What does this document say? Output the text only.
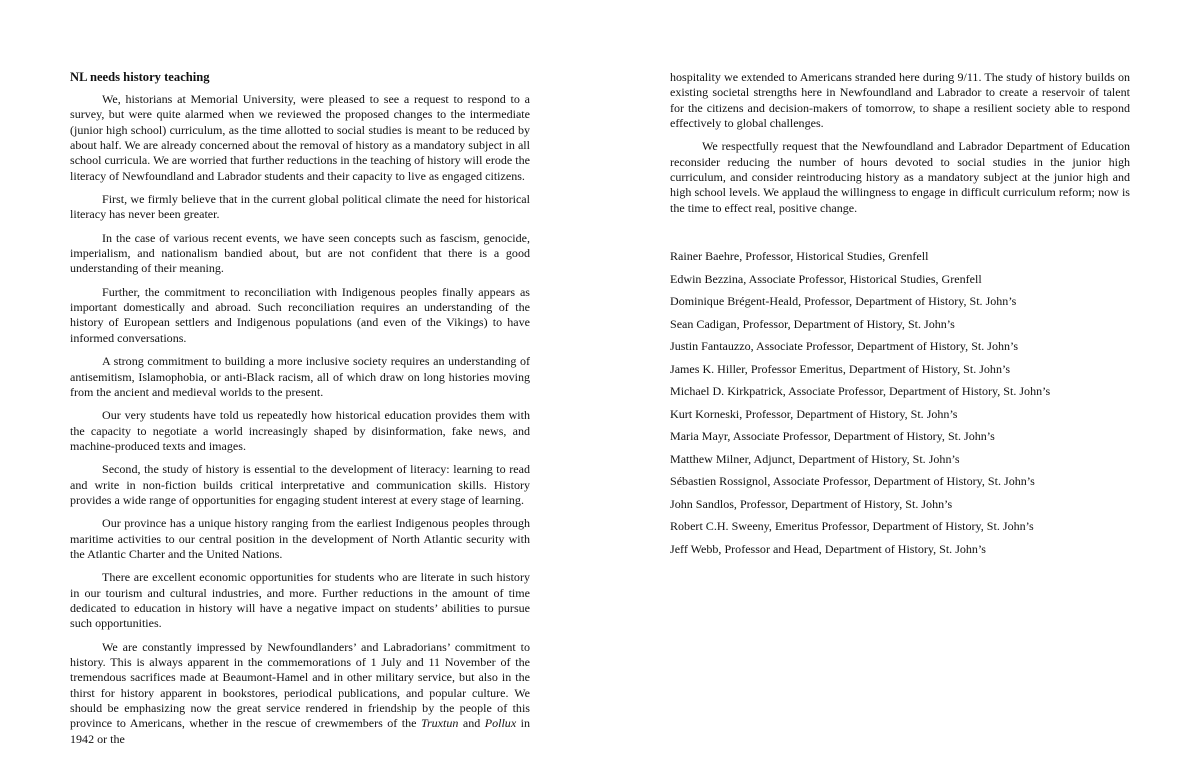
NL needs history teaching

We, historians at Memorial University, were pleased to see a request to respond to a survey, but were quite alarmed when we reviewed the proposed changes to the intermediate (junior high school) curriculum, as the time allotted to social studies is meant to be reduced by about half. We are already concerned about the removal of history as a mandatory subject in all school curricula. We are worried that further reductions in the teaching of history will erode the literacy of Newfoundland and Labrador students and their capacity to live as engaged citizens.

First, we firmly believe that in the current global political climate the need for historical literacy has never been greater.

In the case of various recent events, we have seen concepts such as fascism, genocide, imperialism, and nationalism bandied about, but are not confident that there is a good understanding of their meaning.

Further, the commitment to reconciliation with Indigenous peoples finally appears as important domestically and abroad. Such reconciliation requires an understanding of the history of European settlers and Indigenous populations (and even of the Vikings) to have informed conversations.

A strong commitment to building a more inclusive society requires an understanding of antisemitism, Islamophobia, or anti-Black racism, all of which draw on long histories moving from the ancient and medieval worlds to the present.

Our very students have told us repeatedly how historical education provides them with the capacity to negotiate a world increasingly shaped by disinformation, fake news, and machine-produced texts and images.

Second, the study of history is essential to the development of literacy: learning to read and write in non-fiction builds critical interpretative and communication skills. History provides a wide range of opportunities for engaging student interest at every stage of learning.

Our province has a unique history ranging from the earliest Indigenous peoples through maritime activities to our central position in the development of North Atlantic security with the Atlantic Charter and the United Nations.

There are excellent economic opportunities for students who are literate in such history in our tourism and cultural industries, and more. Further reductions in the amount of time dedicated to education in history will have a negative impact on students’ abilities to pursue such opportunities.

We are constantly impressed by Newfoundlanders’ and Labradorians’ commitment to history. This is always apparent in the commemorations of 1 July and 11 November of the tremendous sacrifices made at Beaumont-Hamel and in other military service, but also in the thirst for history apparent in bookstores, periodical publications, and popular culture. We should be emphasizing now the great service rendered in friendship by the people of this province to Americans, whether in the rescue of crewmembers of the Truxtun and Pollux in 1942 or the

hospitality we extended to Americans stranded here during 9/11. The study of history builds on existing societal strengths here in Newfoundland and Labrador to create a reservoir of talent for the citizens and decision-makers of tomorrow, to shape a resilient society able to respond effectively to global challenges.

We respectfully request that the Newfoundland and Labrador Department of Education reconsider reducing the number of hours devoted to social studies in the junior high curriculum, and consider reintroducing history as a mandatory subject at the junior high and high school levels. We applaud the willingness to engage in difficult curriculum reform; now is the time to effect real, positive change.

Rainer Baehre, Professor, Historical Studies, Grenfell
Edwin Bezzina, Associate Professor, Historical Studies, Grenfell
Dominique Brégent-Heald, Professor, Department of History, St. John’s
Sean Cadigan, Professor, Department of History, St. John’s
Justin Fantauzzo, Associate Professor, Department of History, St. John’s
James K. Hiller, Professor Emeritus, Department of History, St. John’s
Michael D. Kirkpatrick, Associate Professor, Department of History, St. John’s
Kurt Korneski, Professor, Department of History, St. John’s
Maria Mayr, Associate Professor, Department of History, St. John’s
Matthew Milner, Adjunct, Department of History, St. John’s
Sébastien Rossignol, Associate Professor, Department of History, St. John’s
John Sandlos, Professor, Department of History, St. John’s
Robert C.H. Sweeny, Emeritus Professor, Department of History, St. John’s
Jeff Webb, Professor and Head, Department of History, St. John’s
